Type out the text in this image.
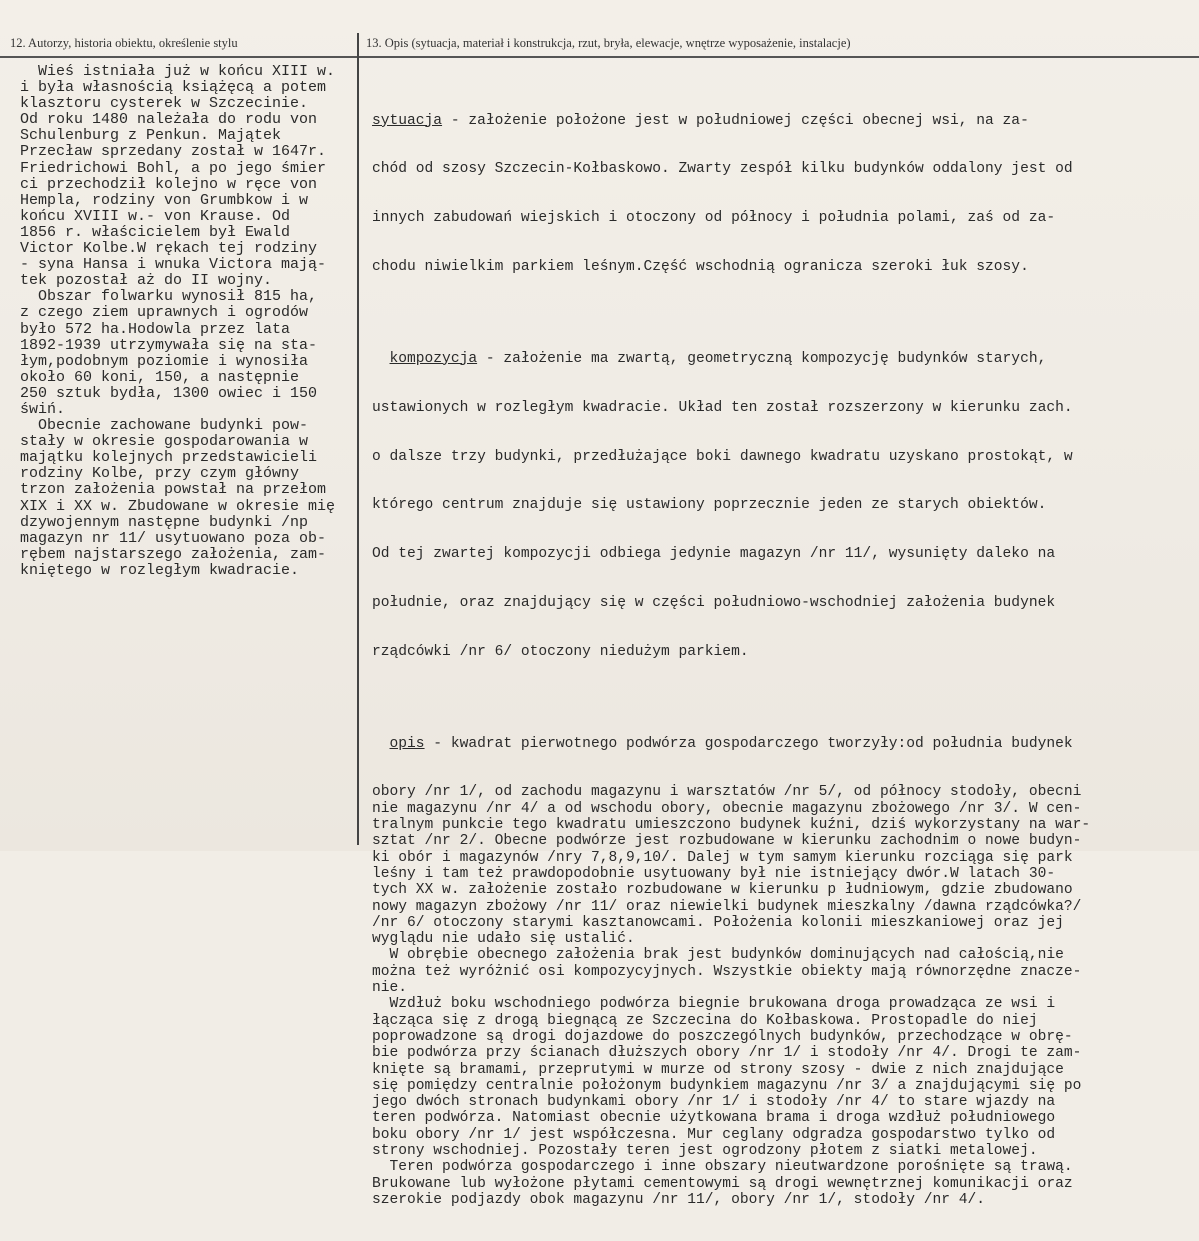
12. Autorzy, historia obiektu, określenie stylu	13. Opis (sytuacja, materiał i konstrukcja, rzut, bryła, elewacje, wnętrze wyposażenie, instalacje)
Wieś istniała już w końcu XIII w.
i była własnością książęcą a potem
klasztoru cysterek w Szczecinie.
Od roku 1480 należała do rodu von
Schulenburg z Penkun. Majątek
Przecław sprzedany został w 1647r.
Friedrichowi Bohl, a po jego śmier
ci przechodził kolejno w ręce von
Hempla, rodziny von Grumbkow i w
końcu XVIII w.- von Krause. Od
1856 r. właścicielem był Ewald
Victor Kolbe.W rękach tej rodziny
- syna Hansa i wnuka Victora mają-
tek pozostał aż do II wojny.
Obszar folwarku wynosił 815 ha,
z czego ziem uprawnych i ogrodów
było 572 ha.Hodowla przez lata
1892-1939 utrzymywała się na sta-
łym,podobnym poziomie i wynosiła
około 60 koni, 150, a następnie
250 sztuk bydła, 1300 owiec i 150
świń.
Obecnie zachowane budynki pow-
stały w okresie gospodarowania w
majątku kolejnych przedstawicieli
rodziny Kolbe, przy czym główny
trzon założenia powstał na przełom
XIX i XX w. Zbudowane w okresie mię
dzywojennym następne budynki /np
magazyn nr 11/ usytuowano poza ob-
rębem najstarszego założenia, zam-
kniętego w rozległym kwadracie.

sytuacja - założenie położone jest w południowej części obecnej wsi, na za-

chód od szosy Szczecin-Kołbaskowo. Zwarty zespół kilku budynków oddalony jest od

innych zabudowań wiejskich i otoczony od północy i południa polami, zaś od za-

chodu niwielkim parkiem leśnym.Część wschodnią ogranicza szeroki łuk szosy.

kompozycja - założenie ma zwartą, geometryczną kompozycję budynków starych,

ustawionych w rozległym kwadracie. Układ ten został rozszerzony w kierunku zach.

o dalsze trzy budynki, przedłużające boki dawnego kwadratu uzyskano prostokąt, w

którego centrum znajduje się ustawiony poprzecznie jeden ze starych obiektów.

Od tej zwartej kompozycji odbiega jedynie magazyn /nr 11/, wysunięty daleko na

południe, oraz znajdujący się w części południowo-wschodniej założenia budynek

rządcówki /nr 6/ otoczony niedużym parkiem.

opis - kwadrat pierwotnego podwórza gospodarczego tworzyły:od południa budynek

obory /nr 1/, od zachodu magazynu i warsztatów /nr 5/, od północy stodoły, obecni
nie magazynu /nr 4/ a od wschodu obory, obecnie magazynu zbożowego /nr 3/. W cen-
tralnym punkcie tego kwadratu umieszczono budynek kuźni, dziś wykorzystany na war-
sztat /nr 2/. Obecne podwórze jest rozbudowane w kierunku zachodnim o nowe budyn-
ki obór i magazynów /nry 7,8,9,10/. Dalej w tym samym kierunku rozciąga się park
leśny i tam też prawdopodobnie usytuowany był nie istniejący dwór.W latach 30-
tych XX w. założenie zostało rozbudowane w kierunku p łudniowym, gdzie zbudowano
nowy magazyn zbożowy /nr 11/ oraz niewielki budynek mieszkalny /dawna rządcówka?/
/nr 6/ otoczony starymi kasztanowcami. Położenia kolonii mieszkaniowej oraz jej
wyglądu nie udało się ustalić.
W obrębie obecnego założenia brak jest budynków dominujących nad całością,nie
można też wyróżnić osi kompozycyjnych. Wszystkie obiekty mają równorzędne znacze-
nie.
Wzdłuż boku wschodniego podwórza biegnie brukowana droga prowadząca ze wsi i
łącząca się z drogą biegnącą ze Szczecina do Kołbaskowa. Prostopadle do niej
poprowadzone są drogi dojazdowe do poszczególnych budynków, przechodzące w obrę-
bie podwórza przy ścianach dłuższych obory /nr 1/ i stodoły /nr 4/. Drogi te zam-
knięte są bramami, przeprutymi w murze od strony szosy - dwie z nich znajdujące
się pomiędzy centralnie położonym budynkiem magazynu /nr 3/ a znajdującymi się po
jego dwóch stronach budynkami obory /nr 1/ i stodoły /nr 4/ to stare wjazdy na
teren podwórza. Natomiast obecnie użytkowana brama i droga wzdłuż południowego
boku obory /nr 1/ jest współczesna. Mur ceglany odgradza gospodarstwo tylko od
strony wschodniej. Pozostały teren jest ogrodzony płotem z siatki metalowej.
Teren podwórza gospodarczego i inne obszary nieutwardzone porośnięte są trawą.
Brukowane lub wyłożone płytami cementowymi są drogi wewnętrznej komunikacji oraz
szerokie podjazdy obok magazynu /nr 11/, obory /nr 1/, stodoły /nr 4/.
